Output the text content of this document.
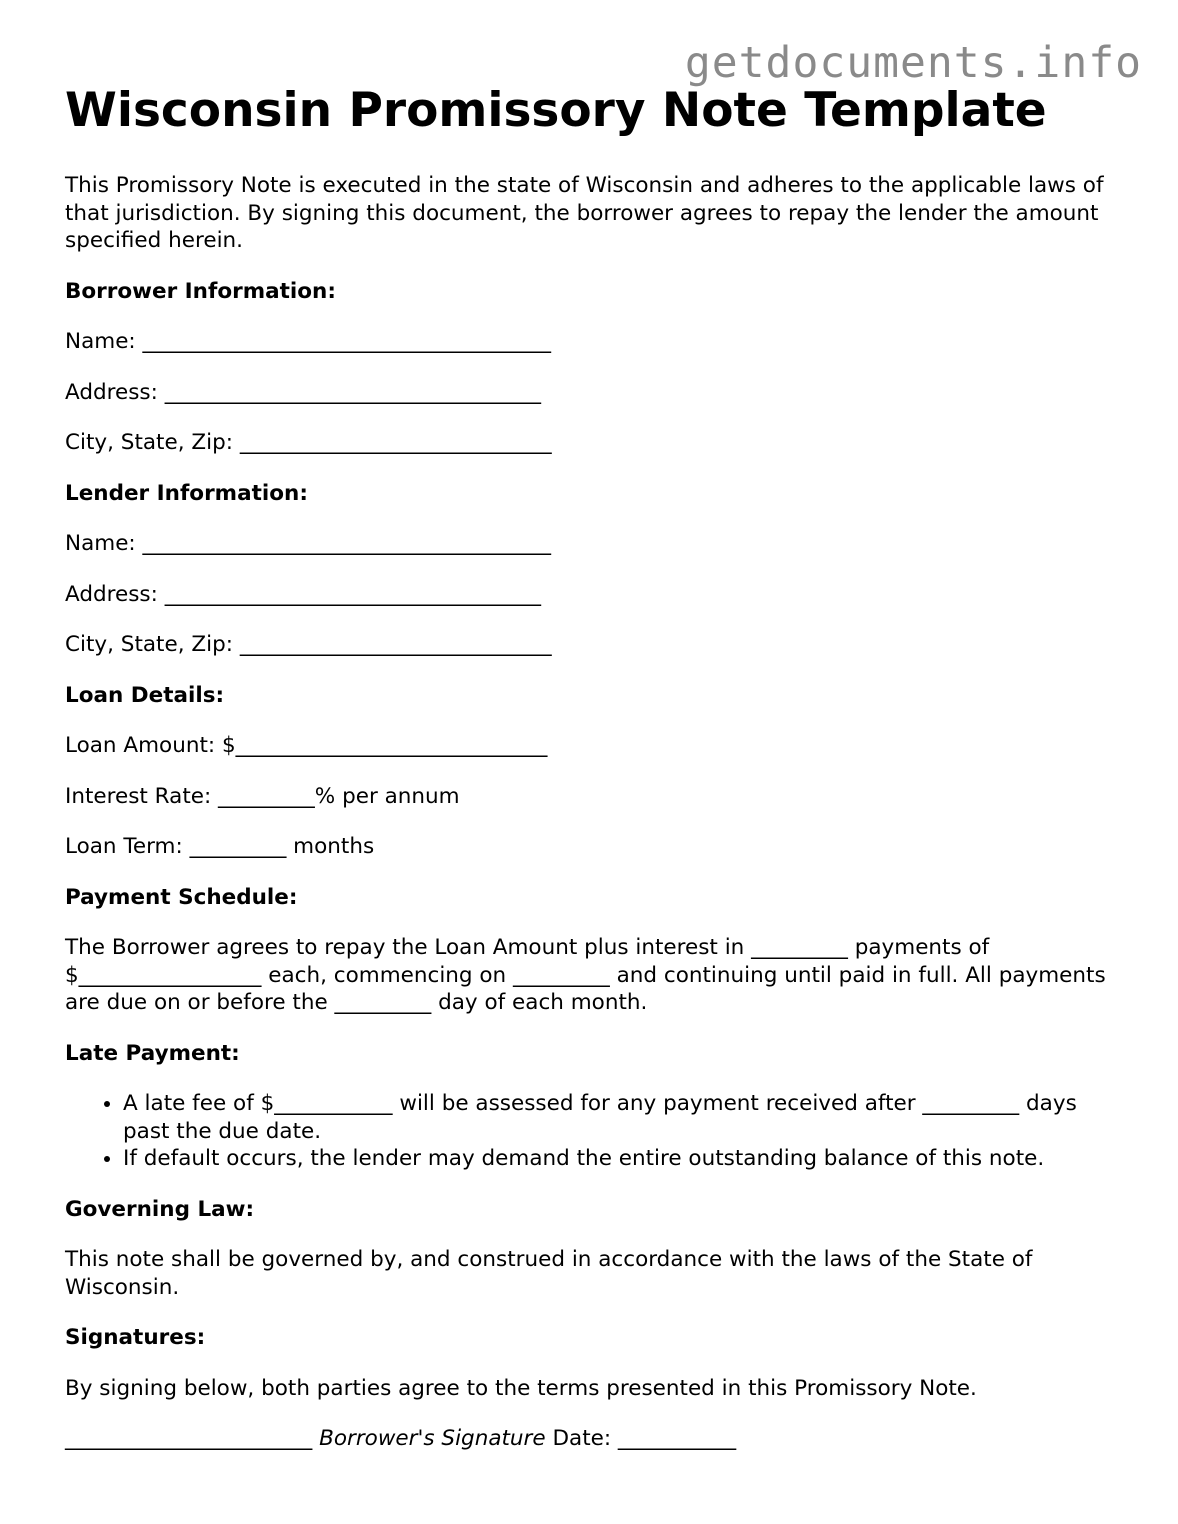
getdocuments.info
Wisconsin Promissory Note Template

This Promissory Note is executed in the state of Wisconsin and adheres to the applicable laws of that jurisdiction. By signing this document, the borrower agrees to repay the lender the amount specified herein.

Borrower Information:

Name: ______________________________________

Address: ___________________________________

City, State, Zip: _____________________________

Lender Information:

Name: ______________________________________

Address: ___________________________________

City, State, Zip: _____________________________

Loan Details:

Loan Amount: $_____________________________

Interest Rate: _________% per annum

Loan Term: _________ months

Payment Schedule:

The Borrower agrees to repay the Loan Amount plus interest in _________ payments of $_________________ each, commencing on _________ and continuing until paid in full. All payments are due on or before the _________ day of each month.

Late Payment:
• A late fee of $___________ will be assessed for any payment received after _________ days past the due date.
• If default occurs, the lender may demand the entire outstanding balance of this note.
Governing Law:

This note shall be governed by, and construed in accordance with the laws of the State of Wisconsin.

Signatures:

By signing below, both parties agree to the terms presented in this Promissory Note.

_______________________ Borrower's Signature Date: ___________
